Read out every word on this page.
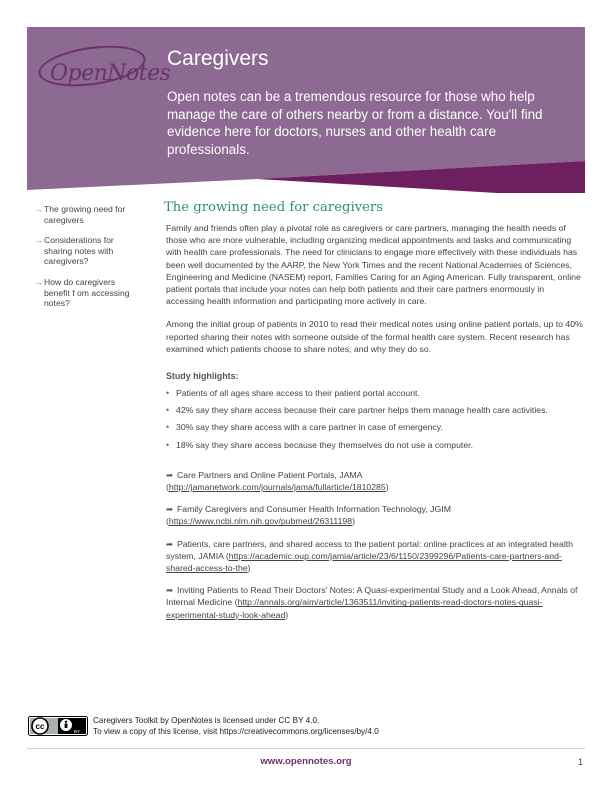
OpenNotes
Caregivers
Open notes can be a tremendous resource for those who help manage the care of others nearby or from a distance. You'll find evidence here for doctors, nurses and other health care professionals.
→ The growing need for caregivers
→ Considerations for sharing notes with caregivers?
→ How do caregivers benefit f om accessing notes?
The growing need for caregivers

Family and friends often play a pivotal role as caregivers or care partners, managing the health needs of those who are more vulnerable, including organizing medical appointments and tasks and communicating with health care professionals. The need for clinicians to engage more effectively with these individuals has been well documented by the AARP, the New York Times and the recent National Academies of Sciences, Engineering and Medicine (NASEM) report, Families Caring for an Aging American. Fully transparent, online patient portals that include your notes can help both patients and their care partners enormously in accessing health information and participating more actively in care.

Among the initial group of patients in 2010 to read their medical notes using online patient portals, up to 40% reported sharing their notes with someone outside of the formal health care system. Recent research has examined which patients choose to share notes, and why they do so.

Study highlights:
• Patients of all ages share access to their patient portal account.
• 42% say they share access because their care partner helps them manage health care activities.
• 30% say they share access with a care partner in case of emergency.
• 18% say they share access because they themselves do not use a computer.
➦ Care Partners and Online Patient Portals, JAMA (http://jamanetwork.com/journals/jama/fullarticle/1810285)
➦ Family Caregivers and Consumer Health Information Technology, JGIM (https://www.ncbi.nlm.nih.gov/pubmed/26311198)
➦ Patients, care partners, and shared access to the patient portal: online practices at an integrated health system, JAMIA (https://academic.oup.com/jamia/article/23/6/1150/2399296/Patients-care-partners-and-shared-access-to-the)
➦ Inviting Patients to Read Their Doctors' Notes: A Quasi-experimental Study and a Look Ahead, Annals of Internal Medicine (http://annals.org/aim/article/1363511/inviting-patients-read-doctors-notes-quasi-experimental-study-look-ahead)
cc
BY
Caregivers Toolkit by OpenNotes is licensed under CC BY 4.0.
To view a copy of this license, visit https://creativecommons.org/licenses/by/4.0
www.opennotes.org	1
